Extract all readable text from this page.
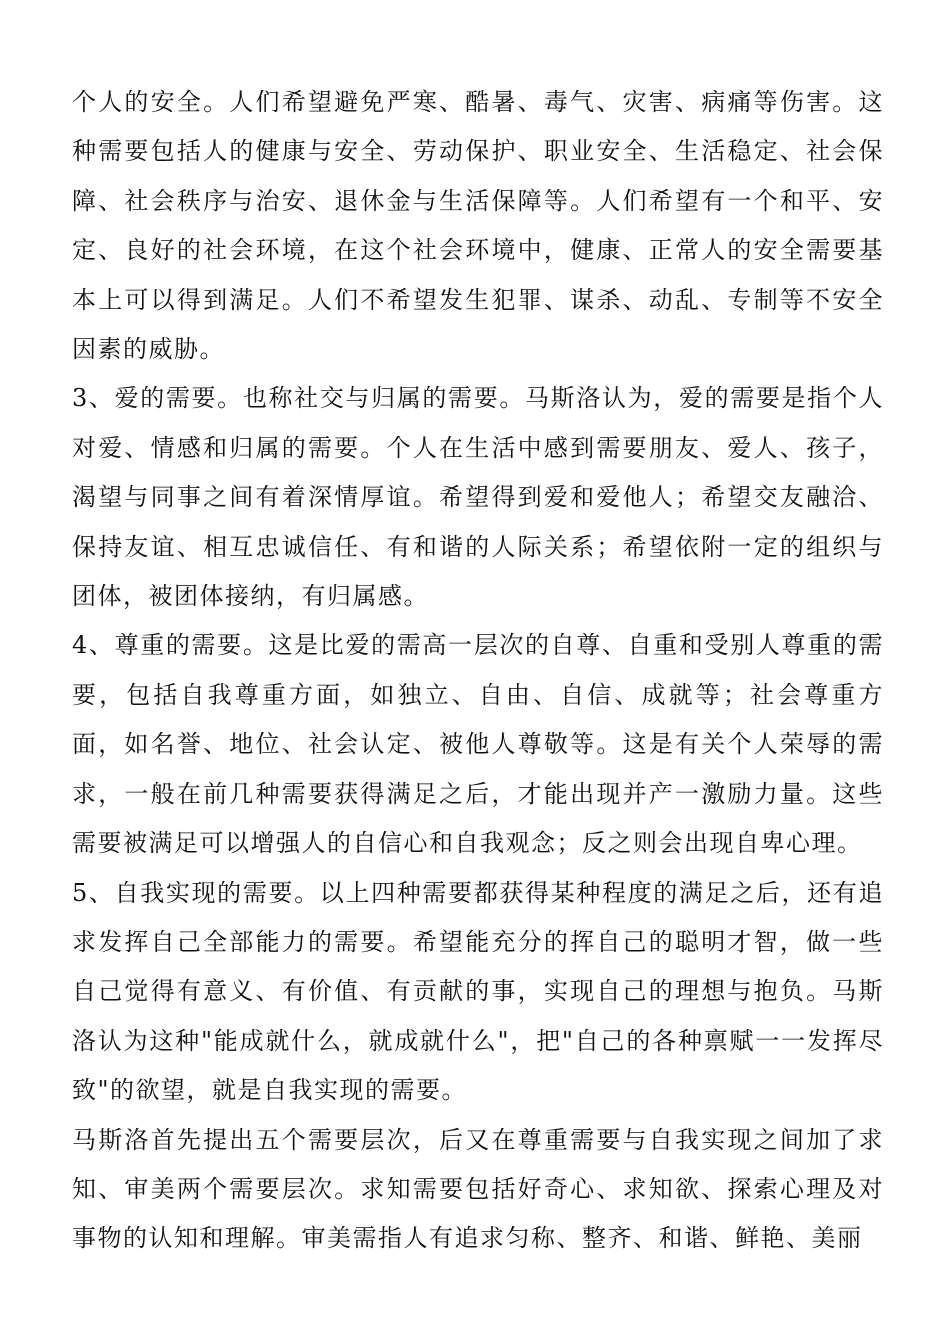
个人的安全。人们希望避免严寒、酷暑、毒气、灾害、病痛等伤害。这种需要包括人的健康与安全、劳动保护、职业安全、生活稳定、社会保障、社会秩序与治安、退休金与生活保障等。人们希望有一个和平、安定、良好的社会环境，在这个社会环境中，健康、正常人的安全需要基本上可以得到满足。人们不希望发生犯罪、谋杀、动乱、专制等不安全因素的威胁。

3、爱的需要。也称社交与归属的需要。马斯洛认为，爱的需要是指个人对爱、情感和归属的需要。个人在生活中感到需要朋友、爱人、孩子，渴望与同事之间有着深情厚谊。希望得到爱和爱他人；希望交友融洽、保持友谊、相互忠诚信任、有和谐的人际关系；希望依附一定的组织与团体，被团体接纳，有归属感。

4、尊重的需要。这是比爱的需高一层次的自尊、自重和受别人尊重的需要，包括自我尊重方面，如独立、自由、自信、成就等；社会尊重方面，如名誉、地位、社会认定、被他人尊敬等。这是有关个人荣辱的需求，一般在前几种需要获得满足之后，才能出现并产一激励力量。这些需要被满足可以增强人的自信心和自我观念；反之则会出现自卑心理。

5、自我实现的需要。以上四种需要都获得某种程度的满足之后，还有追求发挥自己全部能力的需要。希望能充分的挥自己的聪明才智，做一些自己觉得有意义、有价值、有贡献的事，实现自己的理想与抱负。马斯洛认为这种"能成就什么，就成就什么"，把"自己的各种禀赋一一发挥尽致"的欲望，就是自我实现的需要。

马斯洛首先提出五个需要层次，后又在尊重需要与自我实现之间加了求知、审美两个需要层次。求知需要包括好奇心、求知欲、探索心理及对事物的认知和理解。审美需指人有追求匀称、整齐、和谐、鲜艳、美丽
